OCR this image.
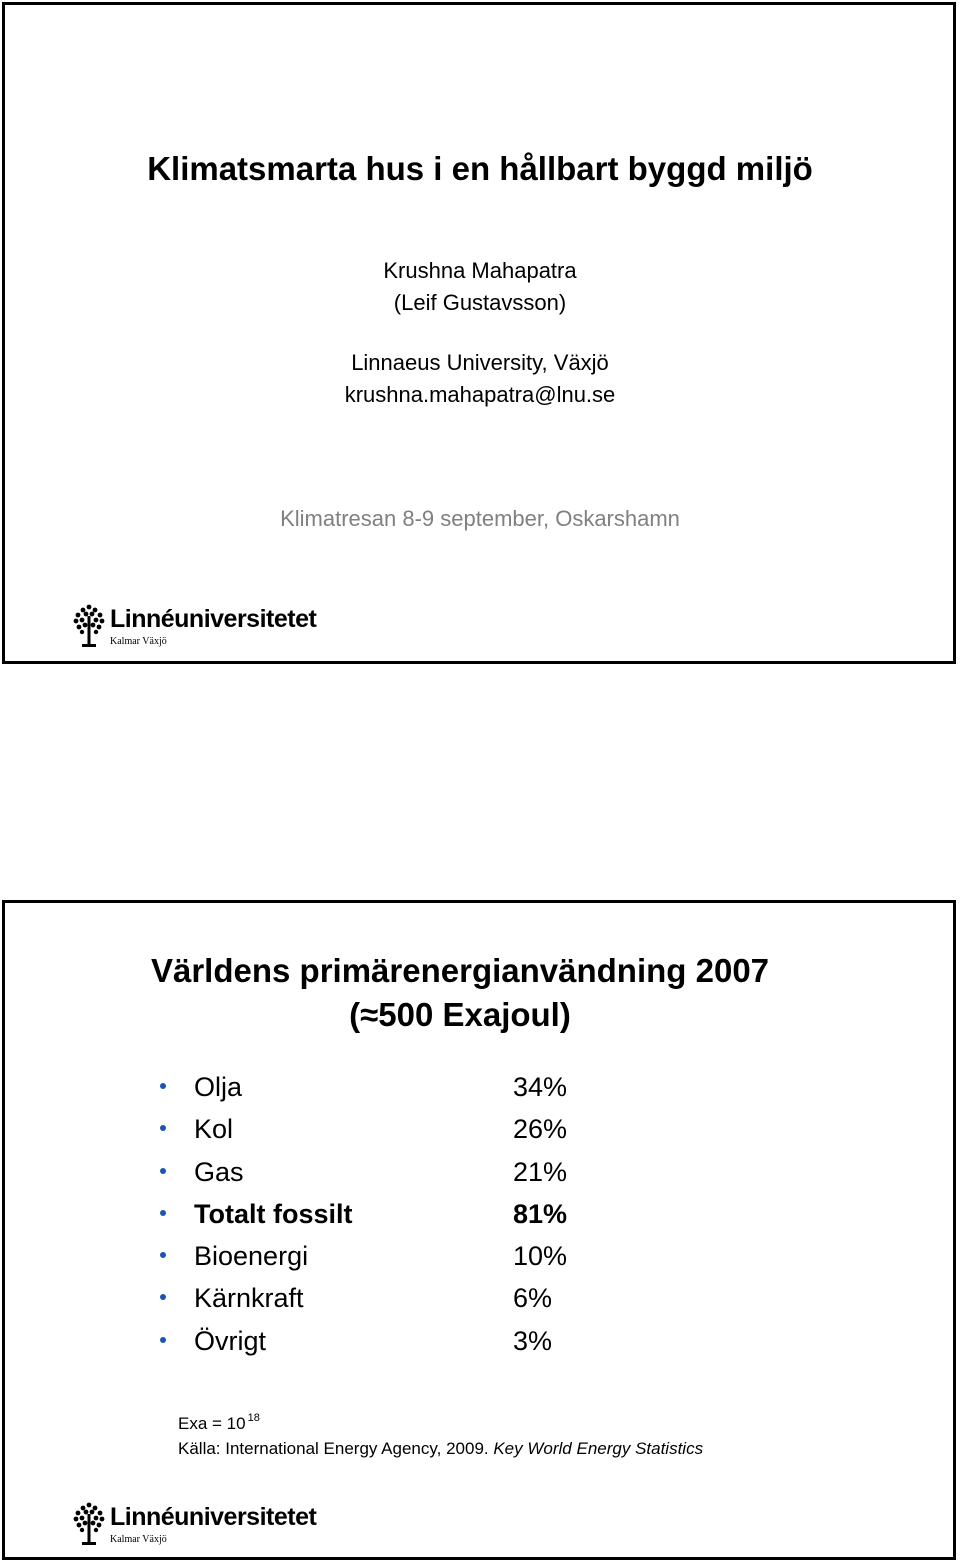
Klimatsmarta hus i en hållbart byggd miljö
Krushna Mahapatra
(Leif Gustavsson)
Linnaeus University, Växjö
krushna.mahapatra@lnu.se
Klimatresan 8-9 september, Oskarshamn
Linnéuniversitetet
Kalmar Växjö
Världens primärenergianvändning 2007
(≈500 Exajoul)
Olja	34%
Kol	26%
Gas	21%
Totalt fossilt	81%
Bioenergi	10%
Kärnkraft	6%
Övrigt	3%
Exa = 10 $^{18}$
Källa: International Energy Agency, 2009. Key World Energy Statistics
Linnéuniversitetet
Kalmar Växjö
